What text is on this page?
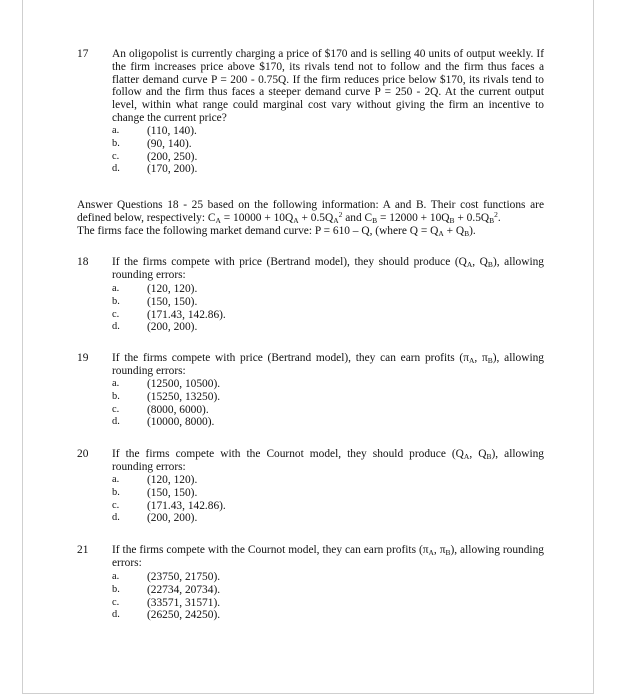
17 An oligopolist is currently charging a price of $170 and is selling 40 units of output weekly. If the firm increases price above $170, its rivals tend not to follow and the firm thus faces a flatter demand curve P = 200 - 0.75Q. If the firm reduces price below $170, its rivals tend to follow and the firm thus faces a steeper demand curve P = 250 - 2Q. At the current output level, within what range could marginal cost vary without giving the firm an incentive to change the current price?
a. (110, 140).
b. (90, 140).
c. (200, 250).
d. (170, 200).
Answer Questions 18 - 25 based on the following information: A and B. Their cost functions are defined below, respectively: $C_A = 10000 + 10Q_A + 0.5Q_A^2$ and $C_B = 12000 + 10Q_B + 0.5Q_B^2$.
The firms face the following market demand curve: P = 610 – Q, (where $Q = Q_A + Q_B$).
18 If the firms compete with price (Bertrand model), they should produce ($Q_A$, $Q_B$), allowing rounding errors:
a. (120, 120).
b. (150, 150).
c. (171.43, 142.86).
d. (200, 200).
19 If the firms compete with price (Bertrand model), they can earn profits ($\pi_A$, $\pi_B$), allowing rounding errors:
a. (12500, 10500).
b. (15250, 13250).
c. (8000, 6000).
d. (10000, 8000).
20 If the firms compete with the Cournot model, they should produce ($Q_A$, $Q_B$), allowing rounding errors:
a. (120, 120).
b. (150, 150).
c. (171.43, 142.86).
d. (200, 200).
21 If the firms compete with the Cournot model, they can earn profits ($\pi_A$, $\pi_B$), allowing rounding errors:
a. (23750, 21750).
b. (22734, 20734).
c. (33571, 31571).
d. (26250, 24250).
